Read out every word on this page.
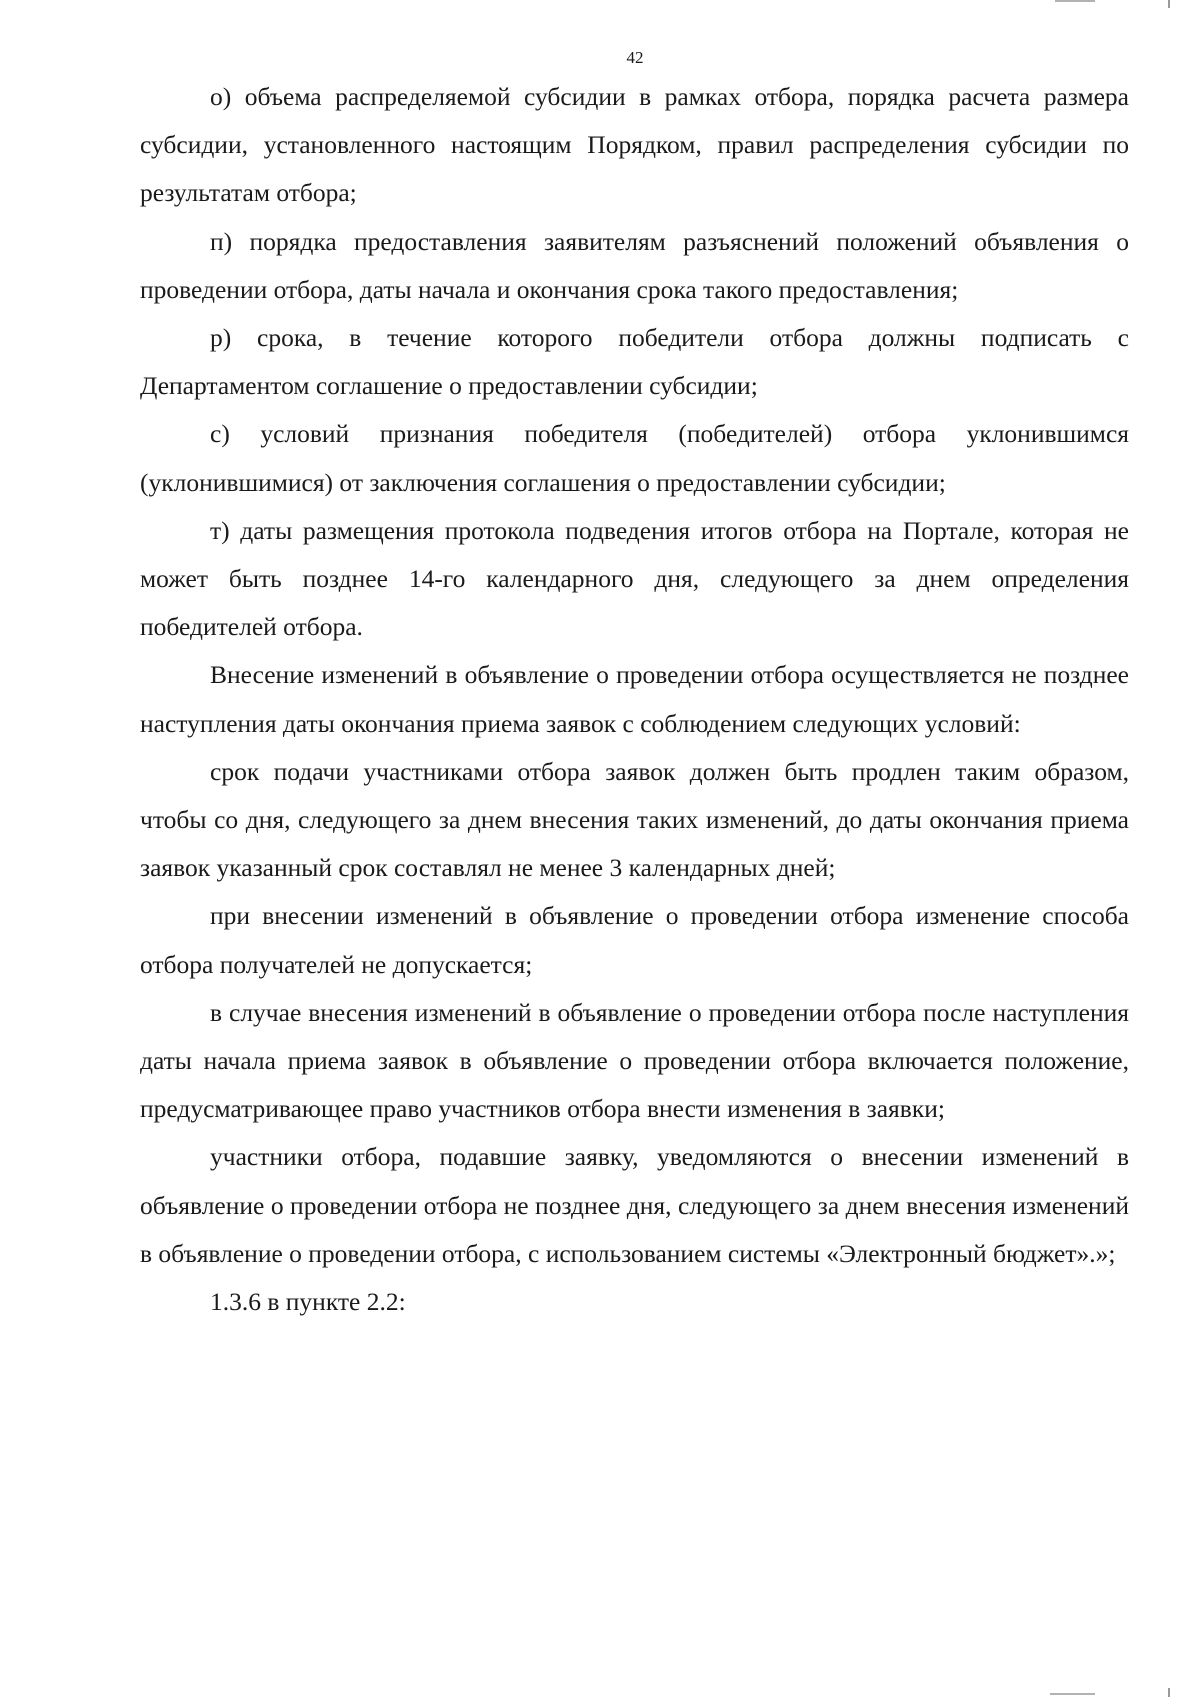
42

о) объема распределяемой субсидии в рамках отбора, порядка расчета размера субсидии, установленного настоящим Порядком, правил распределения субсидии по результатам отбора;

п) порядка предоставления заявителям разъяснений положений объявления о проведении отбора, даты начала и окончания срока такого предоставления;

р) срока, в течение которого победители отбора должны подписать с Департаментом соглашение о предоставлении субсидии;

с) условий признания победителя (победителей) отбора уклонившимся (уклонившимися) от заключения соглашения о предоставлении субсидии;

т) даты размещения протокола подведения итогов отбора на Портале, которая не может быть позднее 14-го календарного дня, следующего за днем определения победителей отбора.

Внесение изменений в объявление о проведении отбора осуществляется не позднее наступления даты окончания приема заявок с соблюдением следующих условий:

срок подачи участниками отбора заявок должен быть продлен таким образом, чтобы со дня, следующего за днем внесения таких изменений, до даты окончания приема заявок указанный срок составлял не менее 3 календарных дней;

при внесении изменений в объявление о проведении отбора изменение способа отбора получателей не допускается;

в случае внесения изменений в объявление о проведении отбора после наступления даты начала приема заявок в объявление о проведении отбора включается положение, предусматривающее право участников отбора внести изменения в заявки;

участники отбора, подавшие заявку, уведомляются о внесении изменений в объявление о проведении отбора не позднее дня, следующего за днем внесения изменений в объявление о проведении отбора, с использованием системы «Электронный бюджет».»;

1.3.6 в пункте 2.2:
